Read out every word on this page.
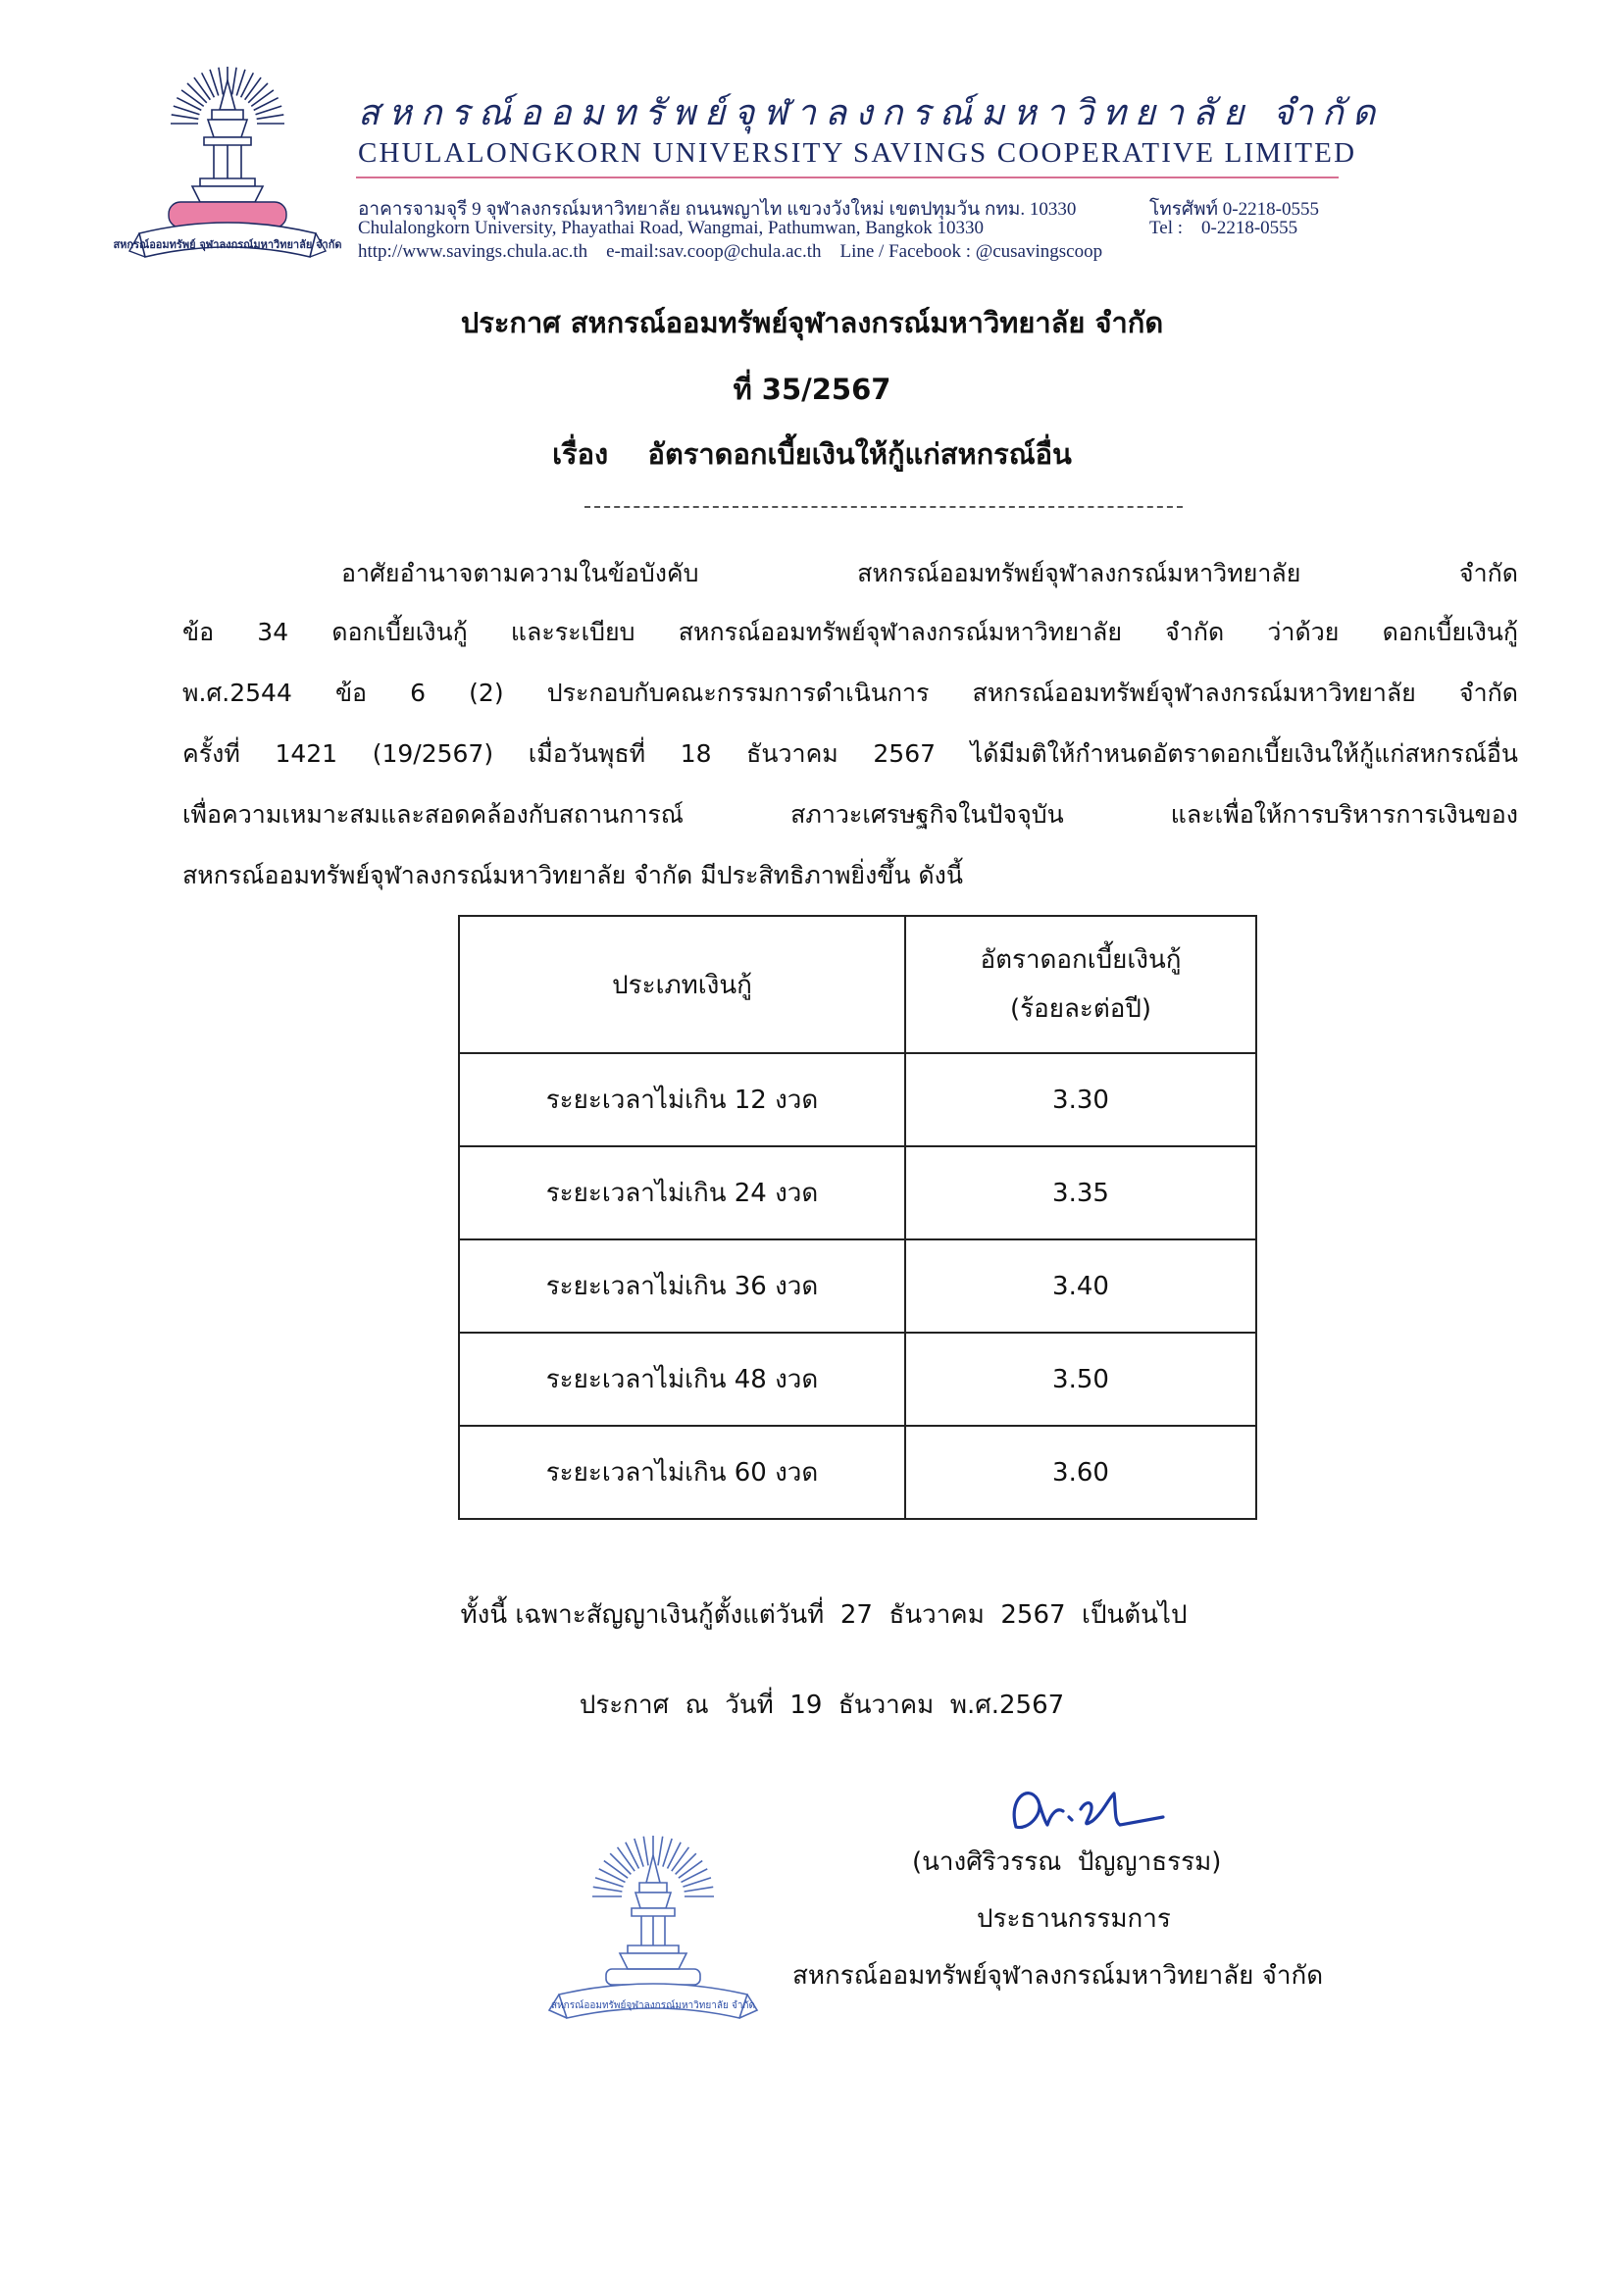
สหกรณ์ออมทรัพย์ จุฬาลงกรณ์มหาวิทยาลัย จำกัด
สหกรณ์ออมทรัพย์จุฬาลงกรณ์มหาวิทยาลัย จำกัด
CHULALONGKORN UNIVERSITY SAVINGS COOPERATIVE LIMITED
อาคารจามจุรี 9 จุฬาลงกรณ์มหาวิทยาลัย ถนนพญาไท แขวงวังใหม่ เขตปทุมวัน กทม. 10330
Chulalongkorn University, Phayathai Road, Wangmai, Pathumwan, Bangkok 10330
http://www.savings.chula.ac.th    e-mail:sav.coop@chula.ac.th    Line / Facebook : @cusavingscoop
โทรศัพท์ 0-2218-0555
Tel :    0-2218-0555
ประกาศ สหกรณ์ออมทรัพย์จุฬาลงกรณ์มหาวิทยาลัย จำกัด
ที่ 35/2567
เรื่อง    อัตราดอกเบี้ยเงินให้กู้แก่สหกรณ์อื่น
อาศัยอำนาจตามความในข้อบังคับ สหกรณ์ออมทรัพย์จุฬาลงกรณ์มหาวิทยาลัย จำกัด
ข้อ 34 ดอกเบี้ยเงินกู้ และระเบียบ สหกรณ์ออมทรัพย์จุฬาลงกรณ์มหาวิทยาลัย จำกัด ว่าด้วย ดอกเบี้ยเงินกู้
พ.ศ.2544 ข้อ 6 (2) ประกอบกับคณะกรรมการดำเนินการ สหกรณ์ออมทรัพย์จุฬาลงกรณ์มหาวิทยาลัย จำกัด
ครั้งที่ 1421 (19/2567) เมื่อวันพุธที่ 18 ธันวาคม 2567 ได้มีมติให้กำหนดอัตราดอกเบี้ยเงินให้กู้แก่สหกรณ์อื่น
เพื่อความเหมาะสมและสอดคล้องกับสถานการณ์ สภาวะเศรษฐกิจในปัจจุบัน และเพื่อให้การบริหารการเงินของ
สหกรณ์ออมทรัพย์จุฬาลงกรณ์มหาวิทยาลัย จำกัด มีประสิทธิภาพยิ่งขึ้น ดังนี้
ประเภทเงินกู้	อัตราดอกเบี้ยเงินกู้
(ร้อยละต่อปี)

ระยะเวลาไม่เกิน 12 งวด	3.30
ระยะเวลาไม่เกิน 24 งวด	3.35
ระยะเวลาไม่เกิน 36 งวด	3.40
ระยะเวลาไม่เกิน 48 งวด	3.50
ระยะเวลาไม่เกิน 60 งวด	3.60
ทั้งนี้ เฉพาะสัญญาเงินกู้ตั้งแต่วันที่  27  ธันวาคม  2567  เป็นต้นไป
ประกาศ  ณ  วันที่  19  ธันวาคม  พ.ศ.2567
(นางศิริวรรณ  ปัญญาธรรม)
ประธานกรรมการ
สหกรณ์ออมทรัพย์จุฬาลงกรณ์มหาวิทยาลัย จำกัด
สหกรณ์ออมทรัพย์จุฬาลงกรณ์มหาวิทยาลัย จำกัด
